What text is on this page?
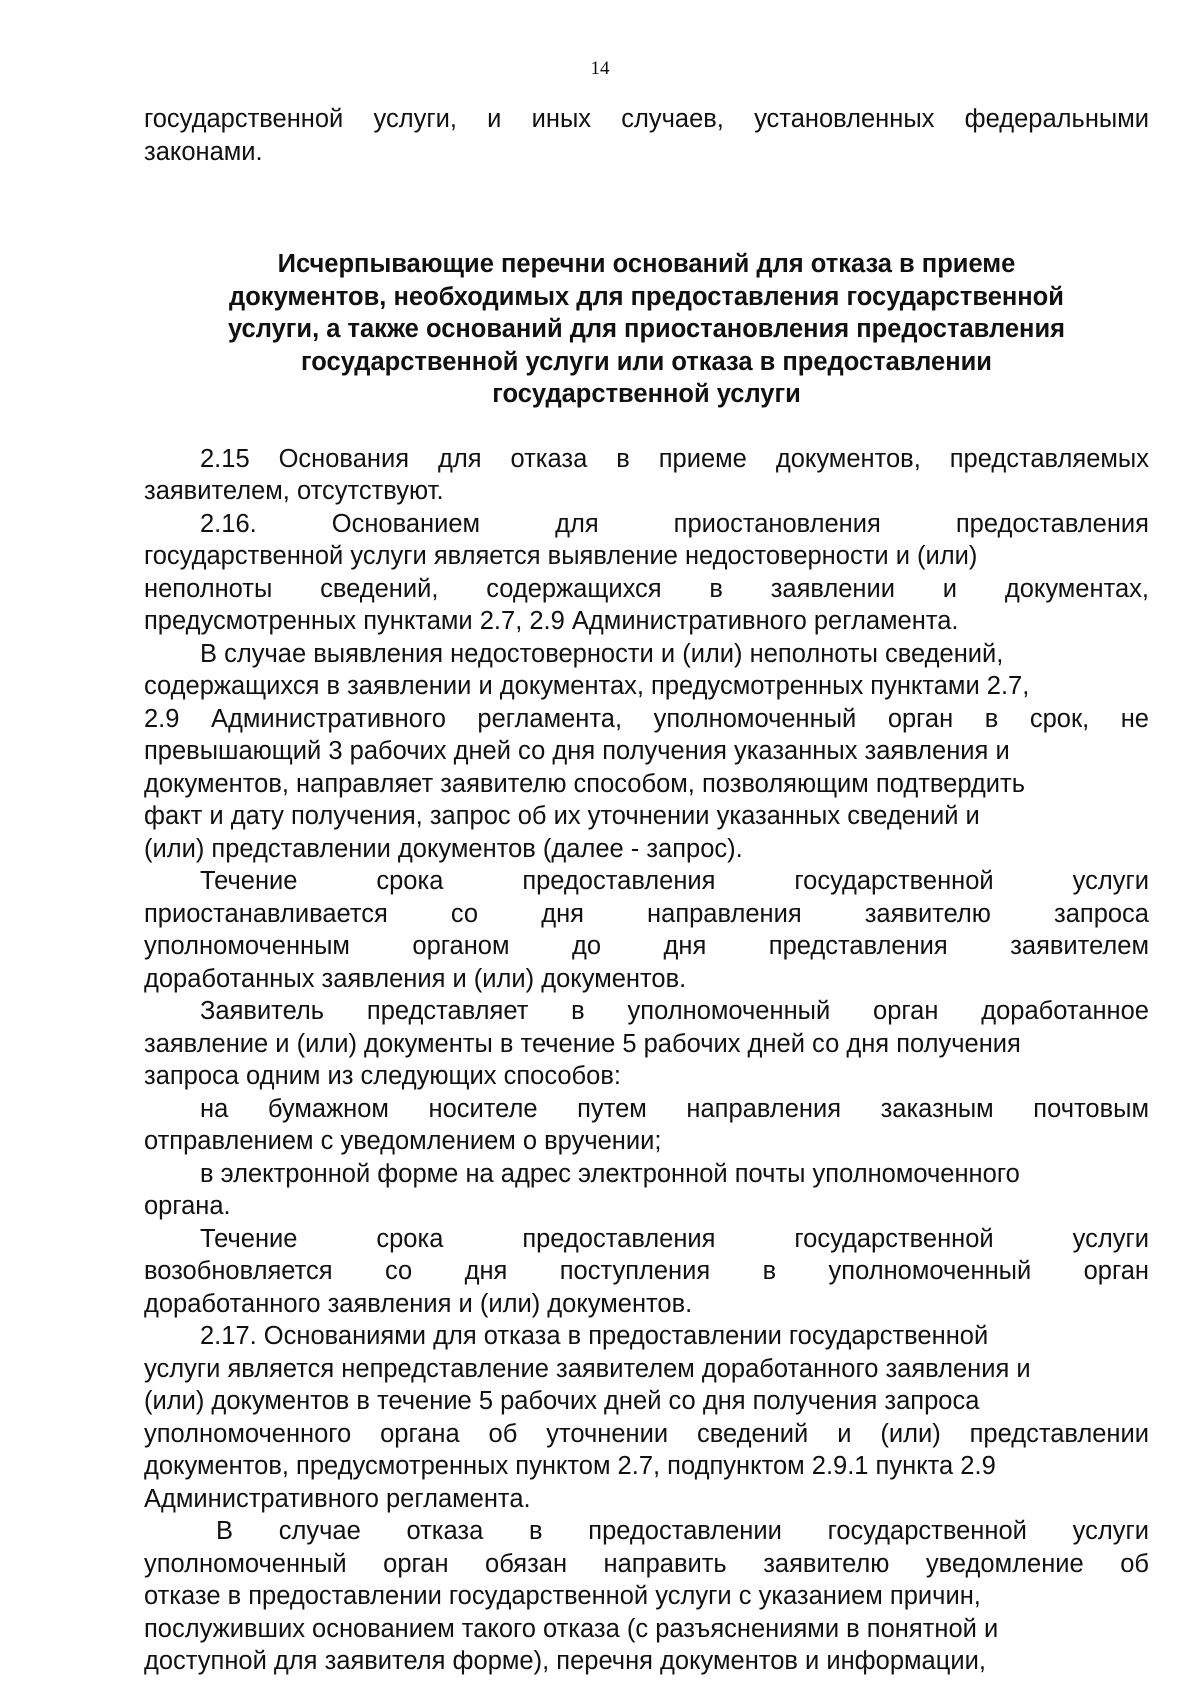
14

государственной услуги, и иных случаев, установленных федеральными

законами.

Исчерпывающие перечни оснований для отказа в приеме
документов, необходимых для предоставления государственной
услуги, а также оснований для приостановления предоставления
государственной услуги или отказа в предоставлении
государственной услуги

2.15 Основания для отказа в приеме документов, представляемых

заявителем, отсутствуют.

2.16. Основанием для приостановления предоставления

государственной услуги является выявление недостоверности и (или)

неполноты сведений, содержащихся в заявлении и документах,

предусмотренных пунктами 2.7, 2.9 Административного регламента.

В случае выявления недостоверности и (или) неполноты сведений,

содержащихся в заявлении и документах, предусмотренных пунктами 2.7,

2.9 Административного регламента, уполномоченный орган в срок, не

превышающий 3 рабочих дней со дня получения указанных заявления и

документов, направляет заявителю способом, позволяющим подтвердить

факт и дату получения, запрос об их уточнении указанных сведений и

(или) представлении документов (далее - запрос).

Течение срока предоставления государственной услуги

приостанавливается со дня направления заявителю запроса

уполномоченным органом до дня представления заявителем

доработанных заявления и (или) документов.

Заявитель представляет в уполномоченный орган доработанное

заявление и (или) документы в течение 5 рабочих дней со дня получения

запроса одним из следующих способов:

на бумажном носителе путем направления заказным почтовым

отправлением с уведомлением о вручении;

в электронной форме на адрес электронной почты уполномоченного

органа.

Течение срока предоставления государственной услуги

возобновляется со дня поступления в уполномоченный орган

доработанного заявления и (или) документов.

2.17. Основаниями для отказа в предоставлении государственной

услуги является непредставление заявителем доработанного заявления и

(или) документов в течение 5 рабочих дней со дня получения запроса

уполномоченного органа об уточнении сведений и (или) представлении

документов, предусмотренных пунктом 2.7, подпунктом 2.9.1 пункта 2.9

Административного регламента.

В случае отказа в предоставлении государственной услуги

уполномоченный орган обязан направить заявителю уведомление об

отказе в предоставлении государственной услуги с указанием причин,

послуживших основанием такого отказа (с разъяснениями в понятной и

доступной для заявителя форме), перечня документов и информации,
